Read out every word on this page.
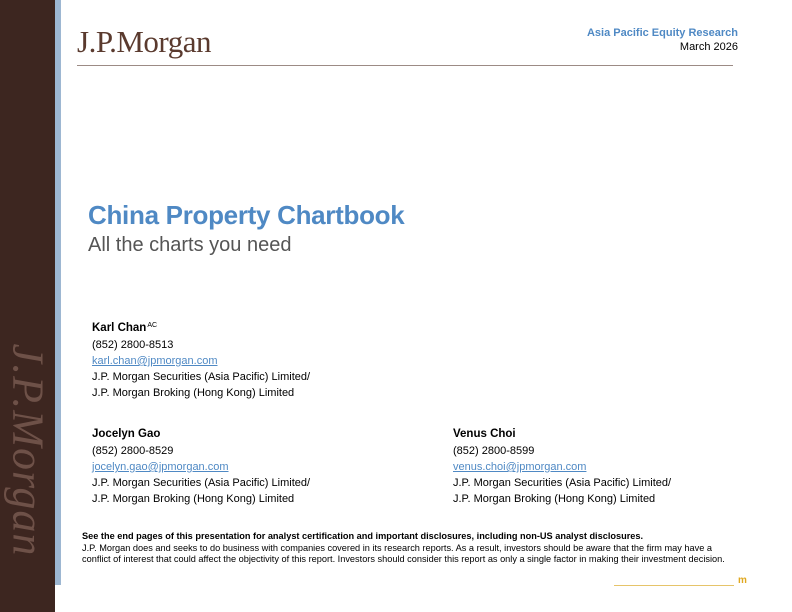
J.P.Morgan
J.P.Morgan	Asia Pacific Equity Research
March 2026
China Property Chartbook
All the charts you need
Karl Chan$^{AC}$
(852) 2800-8513
karl.chan@jpmorgan.com
J.P. Morgan Securities (Asia Pacific) Limited/
J.P. Morgan Broking (Hong Kong) Limited
Jocelyn Gao
(852) 2800-8529
jocelyn.gao@jpmorgan.com
J.P. Morgan Securities (Asia Pacific) Limited/
J.P. Morgan Broking (Hong Kong) Limited
Venus Choi
(852) 2800-8599
venus.choi@jpmorgan.com
J.P. Morgan Securities (Asia Pacific) Limited/
J.P. Morgan Broking (Hong Kong) Limited
See the end pages of this presentation for analyst certification and important disclosures, including non-US analyst disclosures.
J.P. Morgan does and seeks to do business with companies covered in its research reports. As a result, investors should be aware that the firm may have a conflict of interest that could affect the objectivity of this report. Investors should consider this report as only a single factor in making their investment decision.
m
